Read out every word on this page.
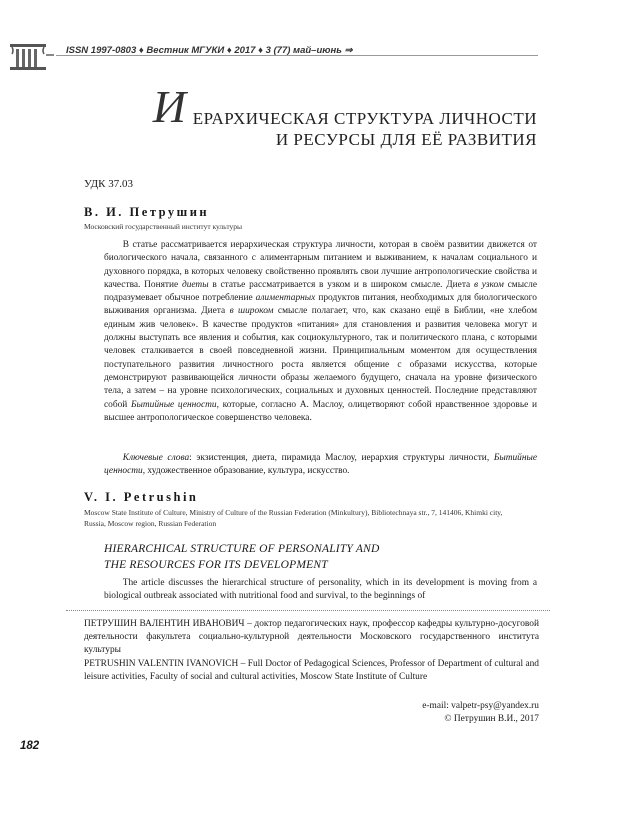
ISSN 1997-0803 ♦ Вестник МГУКИ ♦ 2017 ♦ 3 (77) май–июнь ⇒
И ЕРАРХИЧЕСКАЯ СТРУКТУРА ЛИЧНОСТИ
И РЕСУРСЫ ДЛЯ ЕЁ РАЗВИТИЯ
УДК 37.03
В. И. Петрушин
Московский государственный институт культуры

  В статье рассматривается иерархическая структура личности, которая в своём развитии движется от биологического начала, связанного с алиментарным питанием и выживанием, к началам социального и духовного порядка, в которых человеку свойственно проявлять свои лучшие антропологические свойства и качества. Понятие диеты в статье рассматривается в узком и в широком смысле. Диета в узком смысле подразумевает обычное потребление алиментарных продуктов питания, необходимых для биологического выживания организма. Диета в широком смысле полагает, что, как сказано ещё в Библии, «не хлебом единым жив человек». В качестве продуктов «питания» для становления и развития человека могут и должны выступать все явления и события, как социокультурного, так и политического плана, с которыми человек сталкивается в своей повседневной жизни. Принципиальным моментом для осуществления поступательного развития личностного роста является общение с образами искусства, которые демонстрируют развивающейся личности образы желаемого будущего, сначала на уровне физического тела, а затем – на уровне психологических, социальных и духовных ценностей. Последние представляют собой Бытийные ценности, которые, согласно А. Маслоу, олицетворяют собой нравственное здоровье и высшее антропологическое совершенство человека.

  Ключевые слова: экзистенция, диета, пирамида Маслоу, иерархия структуры личности, Бытийные ценности, художественное образование, культура, искусство.
V. I. Petrushin
Moscow State Institute of Culture, Ministry of Culture of the Russian Federation (Minkultury), Bibliotechnaya str., 7, 141406, Khimki city, Russia, Moscow region, Russian Federation
HIERARCHICAL STRUCTURE OF PERSONALITY AND
THE RESOURCES FOR ITS DEVELOPMENT
  The article discusses the hierarchical structure of personality, which in its development is moving from a biological outbreak associated with nutritional food and survival, to the beginnings of
ПЕТРУШИН ВАЛЕНТИН ИВАНОВИЧ – доктор педагогических наук, профессор кафедры культурно-досуговой деятельности факультета социально-культурной деятельности Московского государственного института культуры
PETRUSHIN VALENTIN IVANOVICH – Full Doctor of Pedagogical Sciences, Professor of Department of cultural and leisure activities, Faculty of social and cultural activities, Moscow State Institute of Culture
e-mail: valpetr-psy@yandex.ru
© Петрушин В.И., 2017
182
